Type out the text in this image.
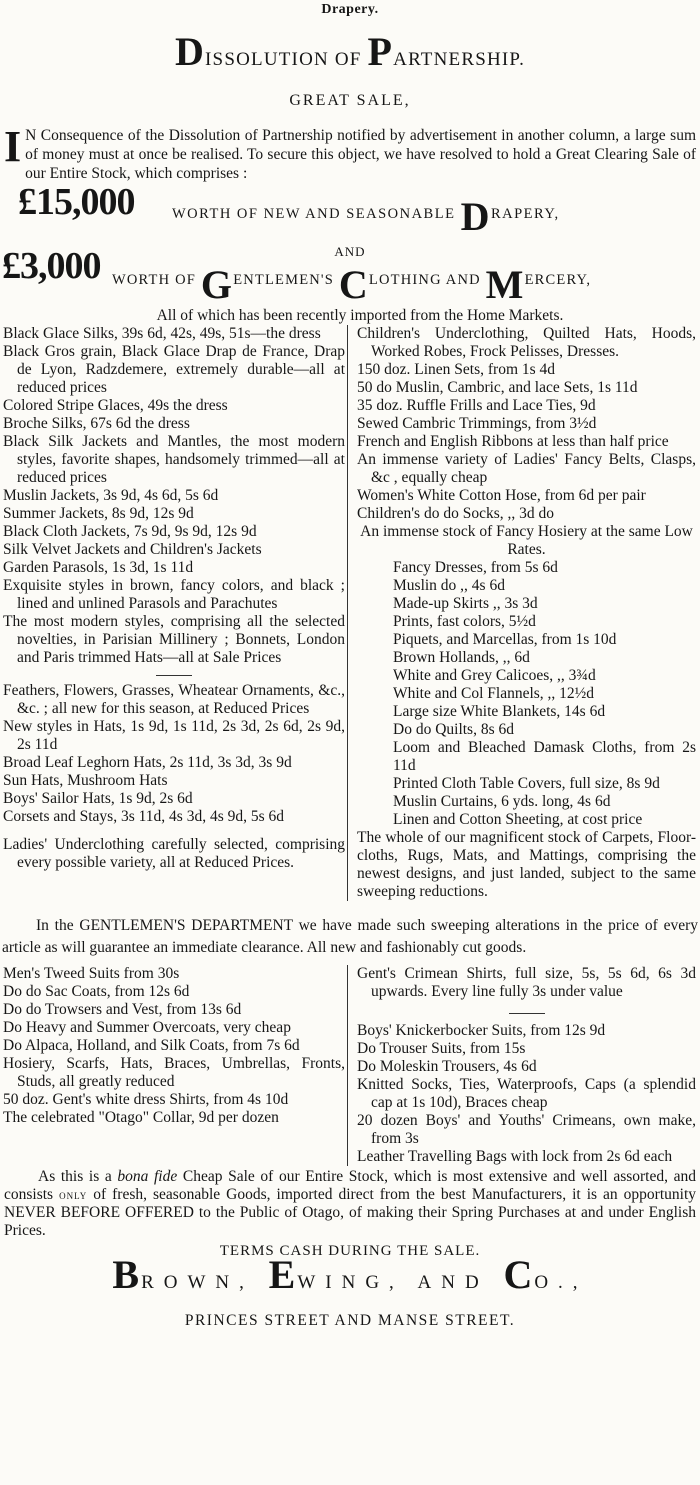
Drapery.
DISSOLUTION OF PARTNERSHIP.
GREAT SALE,
I N Consequence of the Dissolution of Partnership notified by advertisement in another column, a large sum of money must at once be realised. To secure this object, we have resolved to hold a Great Clearing Sale of our Entire Stock, which comprises :

£15,000	WORTH OF NEW AND SEASONABLE DRAPERY,
AND
£3,000 WORTH OF GENTLEMEN'S CLOTHING AND MERCERY,
All of which has been recently imported from the Home Markets.
Black Glace Silks, 39s 6d, 42s, 49s, 51s—the dress
Black Gros grain, Black Glace Drap de France, Drap de Lyon, Radzdemere, extremely durable—all at reduced prices
Colored Stripe Glaces, 49s the dress
Broche Silks, 67s 6d the dress
Black Silk Jackets and Mantles, the most modern styles, favorite shapes, handsomely trimmed—all at reduced prices
Muslin Jackets, 3s 9d, 4s 6d, 5s 6d
Summer Jackets, 8s 9d, 12s 9d
Black Cloth Jackets, 7s 9d, 9s 9d, 12s 9d
Silk Velvet Jackets and Children's Jackets
Garden Parasols, 1s 3d, 1s 11d
Exquisite styles in brown, fancy colors, and black ; lined and unlined Parasols and Parachutes
The most modern styles, comprising all the selected novelties, in Parisian Millinery ; Bonnets, London and Paris trimmed Hats—all at Sale Prices
Feathers, Flowers, Grasses, Wheatear Ornaments, &c., &c. ; all new for this season, at Reduced Prices
New styles in Hats, 1s 9d, 1s 11d, 2s 3d, 2s 6d, 2s 9d, 2s 11d
Broad Leaf Leghorn Hats, 2s 11d, 3s 3d, 3s 9d
Sun Hats, Mushroom Hats
Boys' Sailor Hats, 1s 9d, 2s 6d
Corsets and Stays, 3s 11d, 4s 3d, 4s 9d, 5s 6d
Ladies' Underclothing carefully selected, comprising every possible variety, all at Reduced Prices.
Children's Underclothing, Quilted Hats, Hoods, Worked Robes, Frock Pelisses, Dresses.
150 doz. Linen Sets, from 1s 4d
50 do Muslin, Cambric, and lace Sets, 1s 11d
35 doz. Ruffle Frills and Lace Ties, 9d
Sewed Cambric Trimmings, from 3½d
French and English Ribbons at less than half price
An immense variety of Ladies' Fancy Belts, Clasps, &c , equally cheap
Women's White Cotton Hose, from 6d per pair
Children's do do Socks, ,, 3d do
An immense stock of Fancy Hosiery at the same Low Rates.
Fancy Dresses, from 5s 6d
Muslin do ,, 4s 6d
Made-up Skirts ,, 3s 3d
Prints, fast colors, 5½d
Piquets, and Marcellas, from 1s 10d
Brown Hollands, ,, 6d
White and Grey Calicoes, ,, 3¾d
White and Col Flannels, ,, 12½d
Large size White Blankets, 14s 6d
Do do Quilts, 8s 6d
Loom and Bleached Damask Cloths, from 2s 11d
Printed Cloth Table Covers, full size, 8s 9d
Muslin Curtains, 6 yds. long, 4s 6d
Linen and Cotton Sheeting, at cost price
The whole of our magnificent stock of Carpets, Floor-cloths, Rugs, Mats, and Mattings, comprising the newest designs, and just landed, subject to the same sweeping reductions.
In the GENTLEMEN'S DEPARTMENT we have made such sweeping alterations in the price of every article as will guarantee an immediate clearance. All new and fashionably cut goods.
Men's Tweed Suits from 30s
Do do Sac Coats, from 12s 6d
Do do Trowsers and Vest, from 13s 6d
Do Heavy and Summer Overcoats, very cheap
Do Alpaca, Holland, and Silk Coats, from 7s 6d
Hosiery, Scarfs, Hats, Braces, Umbrellas, Fronts, Studs, all greatly reduced
50 doz. Gent's white dress Shirts, from 4s 10d
The celebrated "Otago" Collar, 9d per dozen
Gent's Crimean Shirts, full size, 5s, 5s 6d, 6s 3d upwards. Every line fully 3s under value
Boys' Knickerbocker Suits, from 12s 9d
Do Trouser Suits, from 15s
Do Moleskin Trousers, 4s 6d
Knitted Socks, Ties, Waterproofs, Caps (a splendid cap at 1s 10d), Braces cheap
20 dozen Boys' and Youths' Crimeans, own make, from 3s
Leather Travelling Bags with lock from 2s 6d each
As this is a bona fide Cheap Sale of our Entire Stock, which is most extensive and well assorted, and consists only of fresh, seasonable Goods, imported direct from the best Manufacturers, it is an opportunity NEVER BEFORE OFFERED to the Public of Otago, of making their Spring Purchases at and under English Prices.
TERMS CASH DURING THE SALE.
BROWN, EWING, AND CO.,
PRINCES STREET AND MANSE STREET.
